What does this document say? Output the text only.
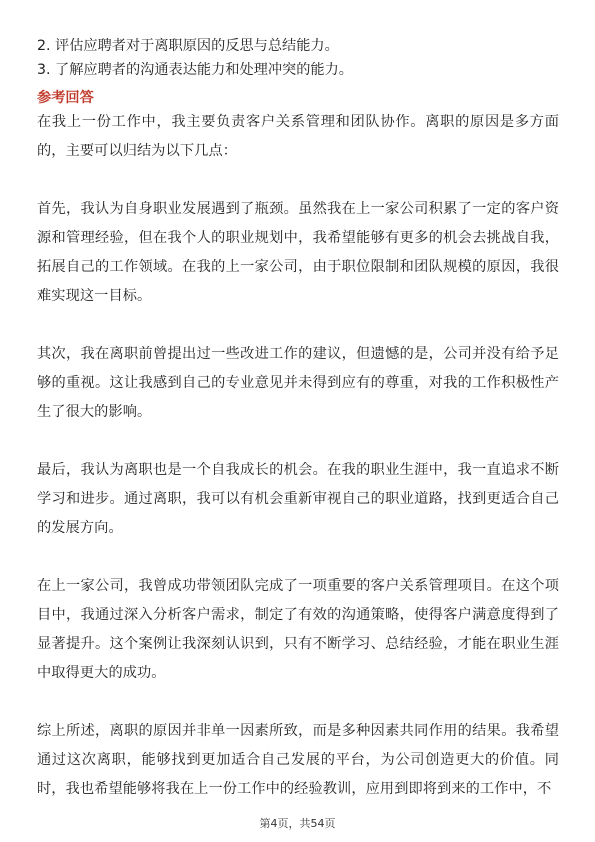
2. 评估应聘者对于离职原因的反思与总结能力。

3. 了解应聘者的沟通表达能力和处理冲突的能力。

参考回答

在我上一份工作中，我主要负责客户关系管理和团队协作。离职的原因是多方面的，主要可以归结为以下几点：

首先，我认为自身职业发展遇到了瓶颈。虽然我在上一家公司积累了一定的客户资源和管理经验，但在我个人的职业规划中，我希望能够有更多的机会去挑战自我，拓展自己的工作领域。在我的上一家公司，由于职位限制和团队规模的原因，我很难实现这一目标。

其次，我在离职前曾提出过一些改进工作的建议，但遗憾的是，公司并没有给予足够的重视。这让我感到自己的专业意见并未得到应有的尊重，对我的工作积极性产生了很大的影响。

最后，我认为离职也是一个自我成长的机会。在我的职业生涯中，我一直追求不断学习和进步。通过离职，我可以有机会重新审视自己的职业道路，找到更适合自己的发展方向。

在上一家公司，我曾成功带领团队完成了一项重要的客户关系管理项目。在这个项目中，我通过深入分析客户需求，制定了有效的沟通策略，使得客户满意度得到了显著提升。这个案例让我深刻认识到，只有不断学习、总结经验，才能在职业生涯中取得更大的成功。

综上所述，离职的原因并非单一因素所致，而是多种因素共同作用的结果。我希望通过这次离职，能够找到更加适合自己发展的平台，为公司创造更大的价值。同时，我也希望能够将我在上一份工作中的经验教训，应用到即将到来的工作中，不

第4页，共54页
